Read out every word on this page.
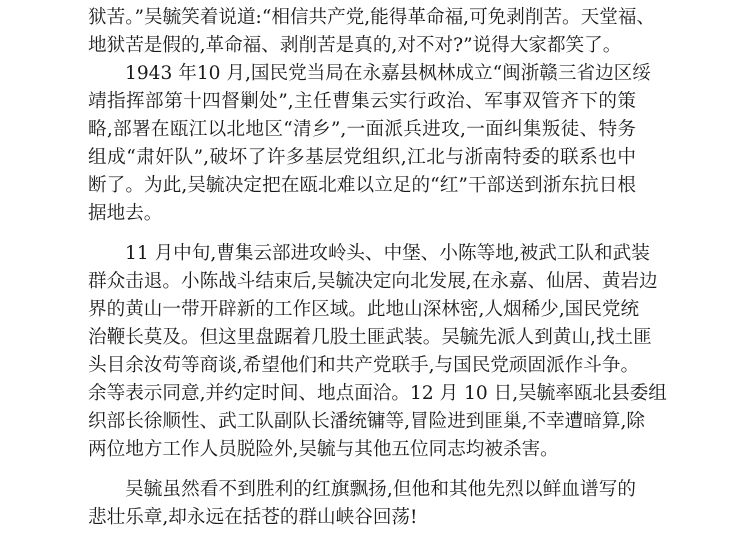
狱苦。”吴毓笑着说道:“相信共产党,能得革命福,可免剥削苦。天堂福、
地狱苦是假的,革命福、剥削苦是真的,对不对?”说得大家都笑了。
1943 年10 月,国民党当局在永嘉县枫林成立“闽浙赣三省边区绥
靖指挥部第十四督剿处”,主任曹集云实行政治、军事双管齐下的策
略,部署在瓯江以北地区“清乡”,一面派兵进攻,一面纠集叛徒、特务
组成“肃奸队”,破坏了许多基层党组织,江北与浙南特委的联系也中
断了。为此,吴毓决定把在瓯北难以立足的“红”干部送到浙东抗日根
据地去。
11 月中旬,曹集云部进攻岭头、中堡、小陈等地,被武工队和武装
群众击退。小陈战斗结束后,吴毓决定向北发展,在永嘉、仙居、黄岩边
界的黄山一带开辟新的工作区域。此地山深林密,人烟稀少,国民党统
治鞭长莫及。但这里盘踞着几股土匪武装。吴毓先派人到黄山,找土匪
头目余汝苟等商谈,希望他们和共产党联手,与国民党顽固派作斗争。
余等表示同意,并约定时间、地点面洽。12 月 10 日,吴毓率瓯北县委组
织部长徐顺性、武工队副队长潘统镛等,冒险进到匪巢,不幸遭暗算,除
两位地方工作人员脱险外,吴毓与其他五位同志均被杀害。
吴毓虽然看不到胜利的红旗飘扬,但他和其他先烈以鲜血谱写的
悲壮乐章,却永远在括苍的群山峡谷回荡!
